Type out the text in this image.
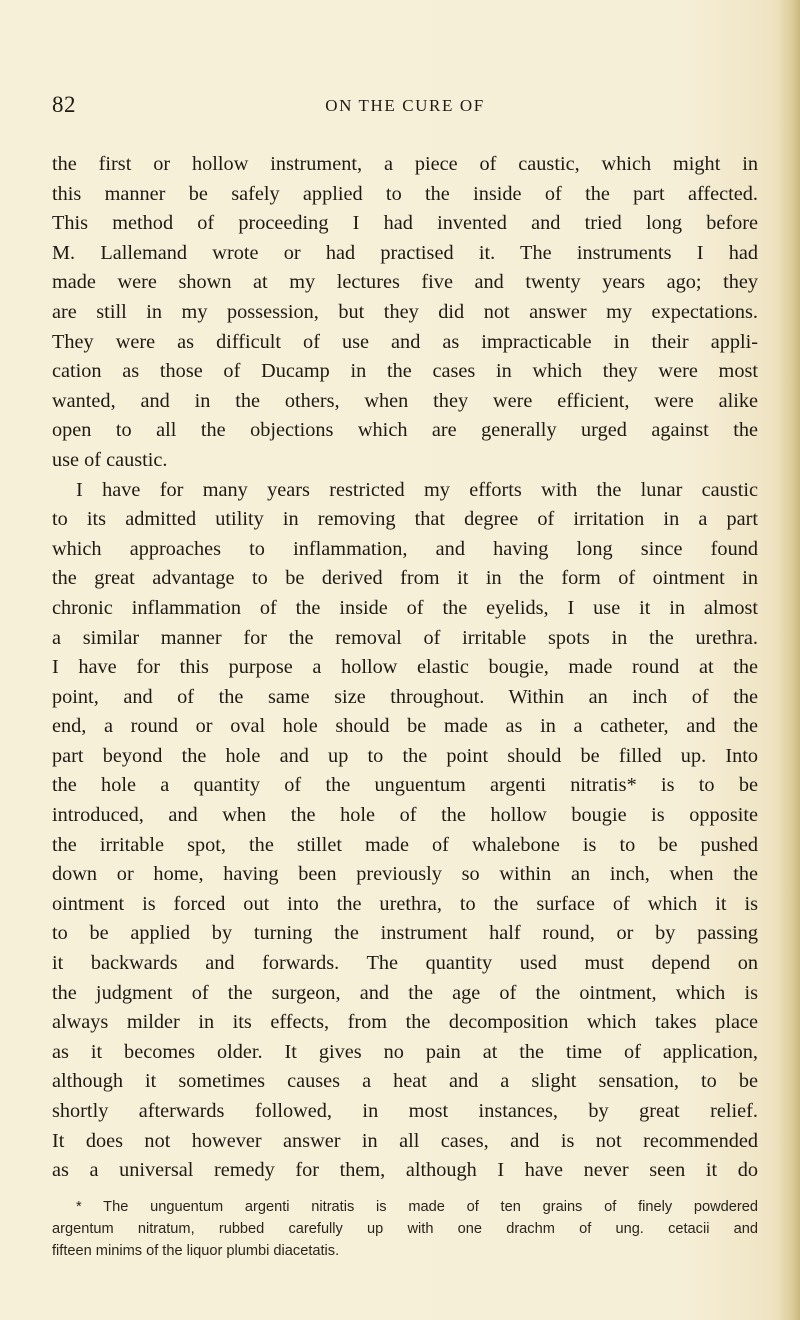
82	ON THE CURE OF
the first or hollow instrument, a piece of caustic, which might in
this manner be safely applied to the inside of the part affected.
This method of proceeding I had invented and tried long before
M. Lallemand wrote or had practised it. The instruments I had
made were shown at my lectures five and twenty years ago; they
are still in my possession, but they did not answer my expectations.
They were as difficult of use and as impracticable in their appli-
cation as those of Ducamp in the cases in which they were most
wanted, and in the others, when they were efficient, were alike
open to all the objections which are generally urged against the
use of caustic.
I have for many years restricted my efforts with the lunar caustic
to its admitted utility in removing that degree of irritation in a part
which approaches to inflammation, and having long since found
the great advantage to be derived from it in the form of ointment in
chronic inflammation of the inside of the eyelids, I use it in almost
a similar manner for the removal of irritable spots in the urethra.
I have for this purpose a hollow elastic bougie, made round at the
point, and of the same size throughout. Within an inch of the
end, a round or oval hole should be made as in a catheter, and the
part beyond the hole and up to the point should be filled up. Into
the hole a quantity of the unguentum argenti nitratis* is to be
introduced, and when the hole of the hollow bougie is opposite
the irritable spot, the stillet made of whalebone is to be pushed
down or home, having been previously so within an inch, when the
ointment is forced out into the urethra, to the surface of which it is
to be applied by turning the instrument half round, or by passing
it backwards and forwards. The quantity used must depend on
the judgment of the surgeon, and the age of the ointment, which is
always milder in its effects, from the decomposition which takes place
as it becomes older. It gives no pain at the time of application,
although it sometimes causes a heat and a slight sensation, to be
shortly afterwards followed, in most instances, by great relief.
It does not however answer in all cases, and is not recommended
as a universal remedy for them, although I have never seen it do
* The unguentum argenti nitratis is made of ten grains of finely powdered
argentum nitratum, rubbed carefully up with one drachm of ung. cetacii and
fifteen minims of the liquor plumbi diacetatis.
